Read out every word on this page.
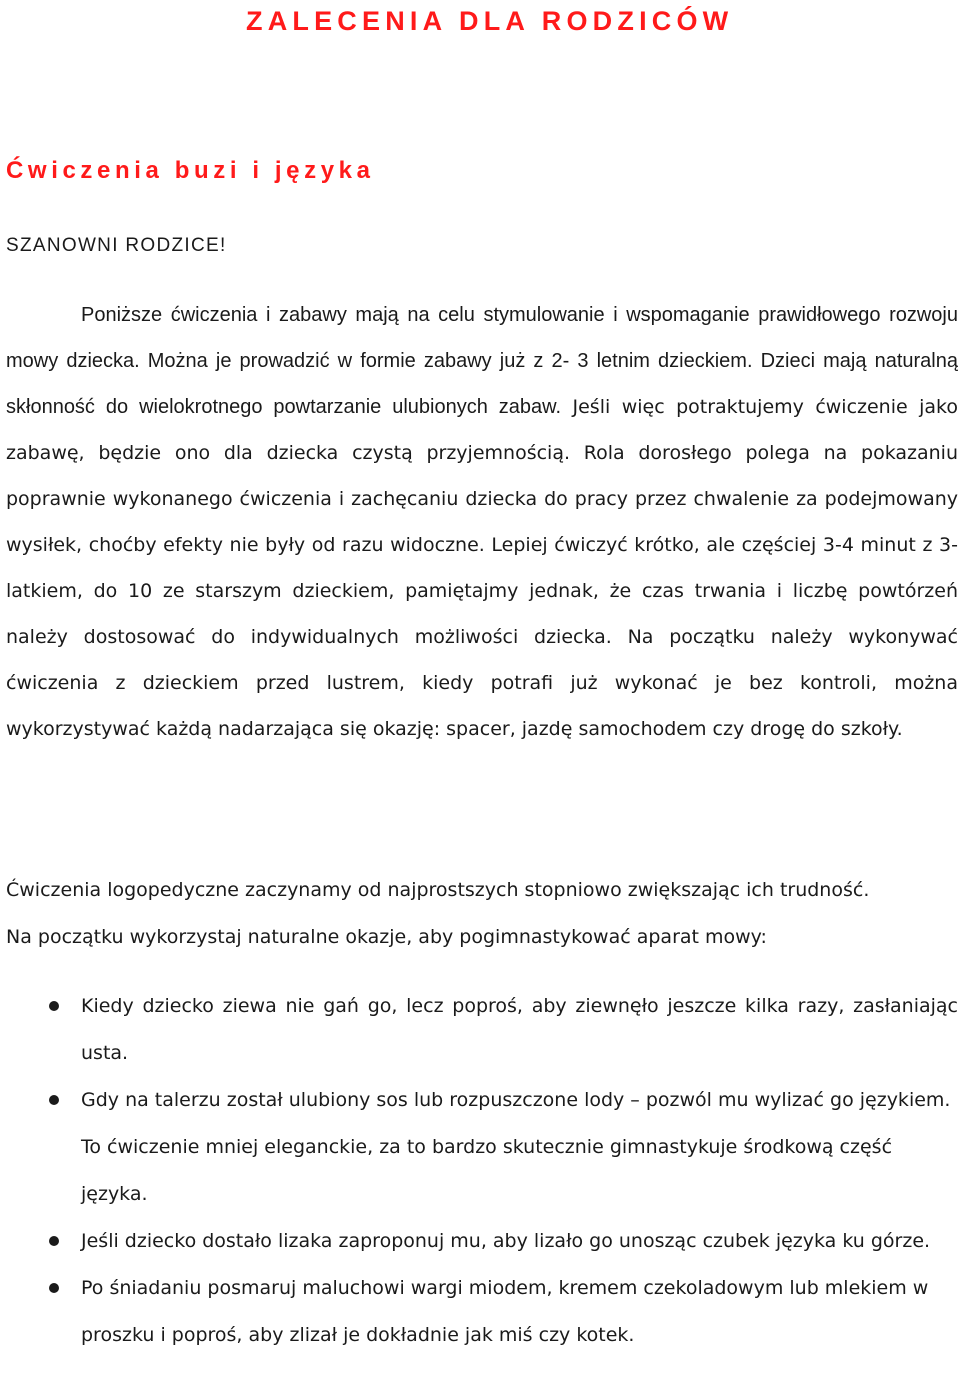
ZALECENIA DLA RODZICÓW
Ćwiczenia buzi i języka

SZANOWNI RODZICE!

Poniższe ćwiczenia i zabawy mają na celu stymulowanie i wspomaganie prawidłowego rozwoju mowy dziecka. Można je prowadzić w formie zabawy już z 2- 3 letnim dzieckiem. Dzieci mają naturalną skłonność do wielokrotnego powtarzanie ulubionych zabaw. Jeśli więc potraktujemy ćwiczenie jako zabawę, będzie ono dla dziecka czystą przyjemnością. Rola dorosłego polega na pokazaniu poprawnie wykonanego ćwiczenia i zachęcaniu dziecka do pracy przez chwalenie za podejmowany wysiłek, choćby efekty nie były od razu widoczne. Lepiej ćwiczyć krótko, ale częściej 3-4 minut z 3-latkiem, do 10 ze starszym dzieckiem, pamiętajmy jednak, że czas trwania i liczbę powtórzeń należy dostosować do indywidualnych możliwości dziecka. Na początku należy wykonywać ćwiczenia z dzieckiem przed lustrem, kiedy potrafi już wykonać je bez kontroli, można wykorzystywać każdą nadarzająca się okazję: spacer, jazdę samochodem czy drogę do szkoły.

Ćwiczenia logopedyczne zaczynamy od najprostszych stopniowo zwiększając ich trudność.
Na początku wykorzystaj naturalne okazje, aby pogimnastykować aparat mowy:
Kiedy dziecko ziewa nie gań go, lecz poproś, aby ziewnęło jeszcze kilka razy, zasłaniając usta.
Gdy na talerzu został ulubiony sos lub rozpuszczone lody – pozwól mu wylizać go językiem. To ćwiczenie mniej eleganckie, za to bardzo skutecznie gimnastykuje środkową część języka.
Jeśli dziecko dostało lizaka zaproponuj mu, aby lizało go unosząc czubek języka ku górze.
Po śniadaniu posmaruj maluchowi wargi miodem, kremem czekoladowym lub mlekiem w proszku i poproś, aby zlizał je dokładnie jak miś czy kotek.
